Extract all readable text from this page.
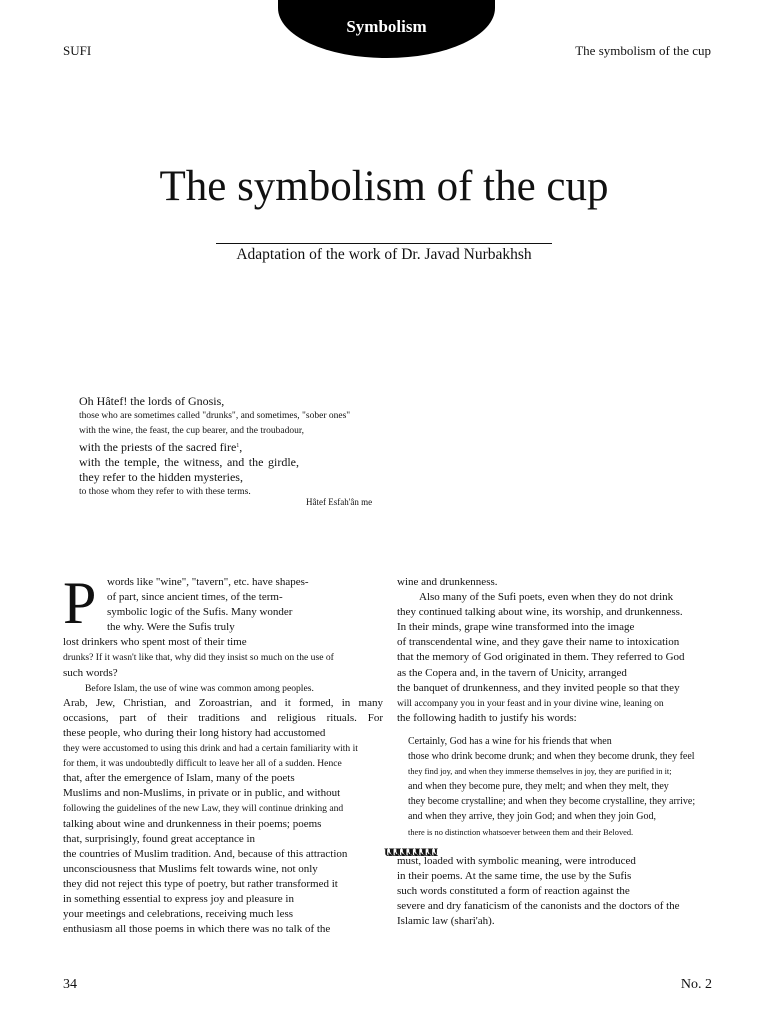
Symbolism
SUFI	The symbolism of the cup
The symbolism of the cup
Adaptation of the work of Dr. Javad Nurbakhsh
Oh Hâtef! the lords of Gnosis,
those who are sometimes called "drunks", and sometimes, "sober ones"
with the wine, the feast, the cup bearer, and the troubadour,
with the priests of the sacred fire$^1$,
with the temple, the witness, and the girdle,
they refer to the hidden mysteries,
to those whom they refer to with these terms.
Hâtef Esfah'ân me
P words like "wine", "tavern", etc. have shapes-
of part, since ancient times, of the term-
symbolic logic of the Sufis. Many wonder
the why. Were the Sufis truly
lost drinkers who spent most of their time
drunks? If it wasn't like that, why did they insist so much on the use of
such words?
Before Islam, the use of wine was common among peoples.
Arab, Jew, Christian, and Zoroastrian, and it formed, in many
occasions, part of their traditions and religious rituals. For
these people, who during their long history had accustomed
they were accustomed to using this drink and had a certain familiarity with it
for them, it was undoubtedly difficult to leave her all of a sudden. Hence
that, after the emergence of Islam, many of the poets
Muslims and non-Muslims, in private or in public, and without
following the guidelines of the new Law, they will continue drinking and
talking about wine and drunkenness in their poems; poems
that, surprisingly, found great acceptance in
the countries of Muslim tradition. And, because of this attraction
unconsciousness that Muslims felt towards wine, not only
they did not reject this type of poetry, but rather transformed it
in something essential to express joy and pleasure in
your meetings and celebrations, receiving much less
enthusiasm all those poems in which there was no talk of the
wine and drunkenness.
Also many of the Sufi poets, even when they do not drink
they continued talking about wine, its worship, and drunkenness.
In their minds, grape wine transformed into the image
of transcendental wine, and they gave their name to intoxication
that the memory of God originated in them. They referred to God
as the Copera and, in the tavern of Unicity, arranged
the banquet of drunkenness, and they invited people so that they
will accompany you in your feast and in your divine wine, leaning on
the following hadith to justify his words:
Certainly, God has a wine for his friends that when
those who drink become drunk; and when they become drunk, they feel
they find joy, and when they immerse themselves in joy, they are purified in it;
and when they become pure, they melt; and when they melt, they
they become crystalline; and when they become crystalline, they arrive;
and when they arrive, they join God; and when they join God,
there is no distinction whatsoever between them and their Beloved.
must, loaded with symbolic meaning, were introduced
in their poems. At the same time, the use by the Sufis
such words constituted a form of reaction against the
severe and dry fanaticism of the canonists and the doctors of the
Islamic law (shari'ah).
ԱԱԱԱԱԱԱԱ
34	No. 2
